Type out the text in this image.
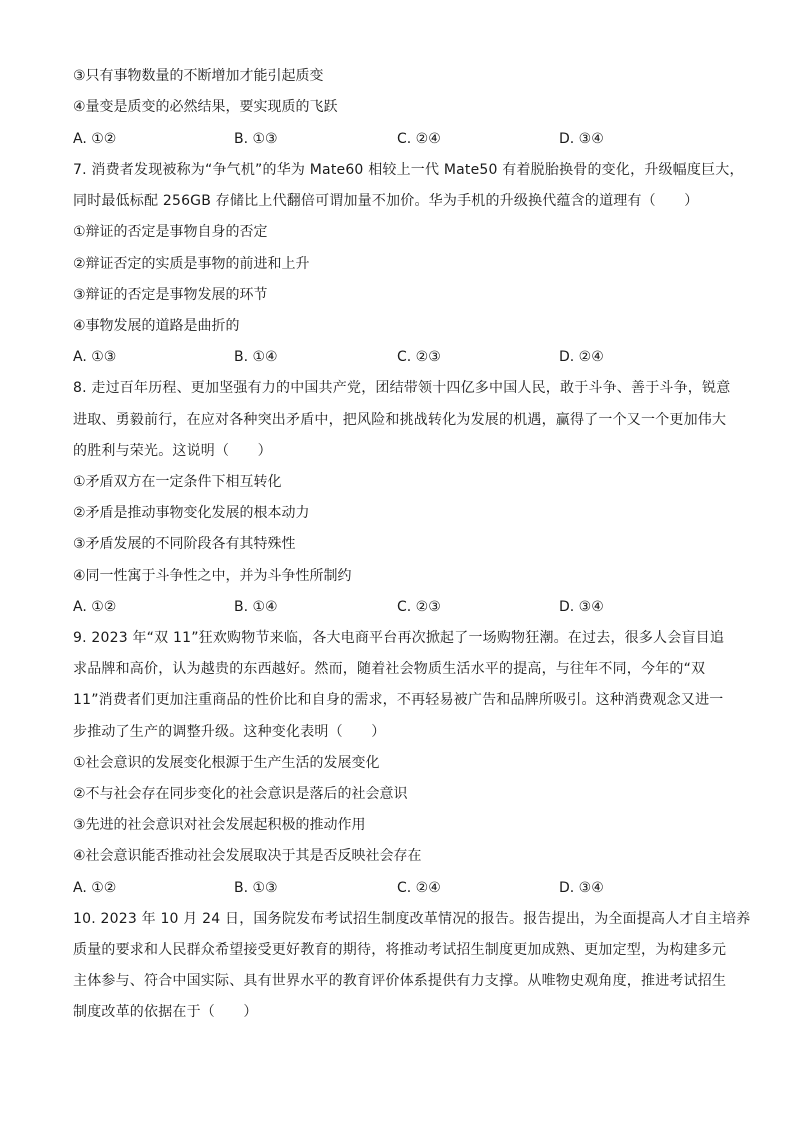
③只有事物数量的不断增加才能引起质变
④量变是质变的必然结果，要实现质的飞跃
A. ①②	B. ①③	C. ②④	D. ③④
7. 消费者发现被称为“争气机”的华为 Mate60 相较上一代 Mate50 有着脱胎换骨的变化，升级幅度巨大，
同时最低标配 256GB 存储比上代翻倍可谓加量不加价。华为手机的升级换代蕴含的道理有（　　）
①辩证的否定是事物自身的否定
②辩证否定的实质是事物的前进和上升
③辩证的否定是事物发展的环节
④事物发展的道路是曲折的
A. ①③	B. ①④	C. ②③	D. ②④
8. 走过百年历程、更加坚强有力的中国共产党，团结带领十四亿多中国人民，敢于斗争、善于斗争，锐意
进取、勇毅前行，在应对各种突出矛盾中，把风险和挑战转化为发展的机遇，赢得了一个又一个更加伟大
的胜利与荣光。这说明（　　）
①矛盾双方在一定条件下相互转化
②矛盾是推动事物变化发展的根本动力
③矛盾发展的不同阶段各有其特殊性
④同一性寓于斗争性之中，并为斗争性所制约
A. ①②	B. ①④	C. ②③	D. ③④
9. 2023 年“双 11”狂欢购物节来临，各大电商平台再次掀起了一场购物狂潮。在过去，很多人会盲目追
求品牌和高价，认为越贵的东西越好。然而，随着社会物质生活水平的提高，与往年不同，今年的“双
11”消费者们更加注重商品的性价比和自身的需求，不再轻易被广告和品牌所吸引。这种消费观念又进一
步推动了生产的调整升级。这种变化表明（　　）
①社会意识的发展变化根源于生产生活的发展变化
②不与社会存在同步变化的社会意识是落后的社会意识
③先进的社会意识对社会发展起积极的推动作用
④社会意识能否推动社会发展取决于其是否反映社会存在
A. ①②	B. ①③	C. ②④	D. ③④
10. 2023 年 10 月 24 日，国务院发布考试招生制度改革情况的报告。报告提出，为全面提高人才自主培养
质量的要求和人民群众希望接受更好教育的期待，将推动考试招生制度更加成熟、更加定型，为构建多元
主体参与、符合中国实际、具有世界水平的教育评价体系提供有力支撑。从唯物史观角度，推进考试招生
制度改革的依据在于（　　）
